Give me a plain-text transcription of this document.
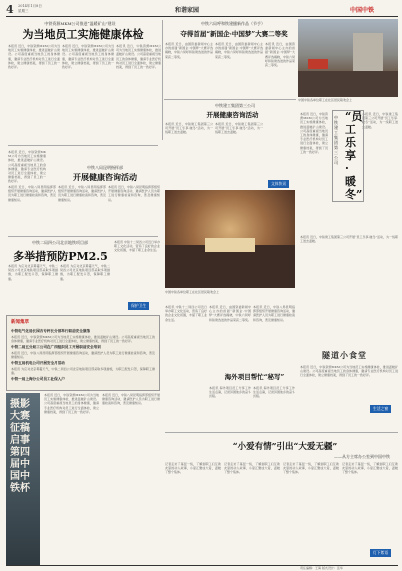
4 2014年1月8日
星期三	和谐家园	中国中铁
中铁资源MKM公司推进“温暖矿山”建设
为当地员工实施健康体检
本报讯 近日，中铁资源MKM公司为当地员工实施健康体检，推进温暖矿山建设。公司高度重视当地员工的身体健康，邀请专业医疗机构对员工进行全面体检，建立健康档案，得到了员工的一致好评。
本报讯 近日，中铁资源MKM公司为当地员工实施健康体检，推进温暖矿山建设。公司高度重视当地员工的身体健康，邀请专业医疗机构对员工进行全面体检，建立健康档案，得到了员工的一致好评。
本报讯 近日，中铁资源MKM公司为当地员工实施健康体检，推进温暖矿山建设。公司高度重视当地员工的身体健康，邀请专业医疗机构对员工进行全面体检，建立健康档案，得到了员工的一致好评。
中铁六局呼和铁建播新作品（节手）
夺得首届“新国企·中国梦”大赛二等奖
本报讯 近日，由国资委新闻中心主办的首届“新国企·中国梦”大赛评选揭晓，中铁六局呼和铁建选送的作品荣获二等奖。
本报讯 近日，由国资委新闻中心主办的首届“新国企·中国梦”大赛评选揭晓，中铁六局呼和铁建选送的作品荣获二等奖。
本报讯 近日，由国资委新闻中心主办的首届“新国企·中国梦”大赛评选揭晓，中铁六局呼和铁建选送的作品荣获二等奖。
中国中铁各单位职工在社区居民联欢会上
中铁建工集团第三公司
开展健康咨询活动
本报讯 近日，中铁建工集团第三公司开展“员工乐享·暖冬”活动，为一线职工送去温暖。
本报讯 近日，中铁建工集团第三公司开展“员工乐享·暖冬”活动，为一线职工送去温暖。
文体快讯
本报讯 近日，中铁资源MKM公司为当地员工实施健康体检，推进温暖矿山建设。公司高度重视当地员工的身体健康，邀请专业医疗机构对员工进行全面体检，建立健康档案，得到了员工的一致好评。
中铁建工集团第三公司
“员工乐享·暖冬”
本报讯 近日，中铁建工集团第三公司开展“员工乐享·暖冬”活动，为一线职工送去温暖。
本报讯 近日，中铁资源MKM公司为当地员工实施健康体检，推进温暖矿山建设。公司高度重视当地员工的身体健康，邀请专业医疗机构对员工进行全面体检，建立健康档案，得到了员工的一致好评。
中铁八局昆明指挥部
开展健康咨询活动
本报讯 近日，中铁八局昆明指挥部组织开展健康咨询活动，邀请医护人员为职工进行健康检查和咨询，普及健康知识。
本报讯 近日，中铁八局昆明指挥部组织开展健康咨询活动，邀请医护人员为职工进行健康检查和咨询，普及健康知识。
本报讯 近日，中铁八局昆明指挥部组织开展健康咨询活动，邀请医护人员为职工进行健康检查和咨询，普及健康知识。
中铁二局四公司北京地铁项目部
多举措预防PM2.5
本报讯 为应对北京雾霾天气，中铁二局四公司北京地铁项目部采取多项措施，为职工配发口罩，保障职工健康。
本报讯 为应对北京雾霾天气，中铁二局四公司北京地铁项目部采取多项措施，为职工配发口罩，保障职工健康。
本报讯 中铁十二局四公司近日举办职工文化活动，营造了良好的企业文化氛围，丰富了职工业余生活。
保护卫生
中国中铁各单位职工在社区居民联欢会上
本报讯 近日，中铁建工集团第三公司开展“员工乐享·暖冬”活动，为一线职工送去温暖。
隧道小食堂
本报讯 近日，中铁资源MKM公司为当地员工实施健康体检，推进温暖矿山建设。公司高度重视当地员工的身体健康，邀请专业医疗机构对员工进行全面体检，建立健康档案，得到了员工的一致好评。
生活之窗
新闻集萃
中铁电气化局长园吉专杯长分部举行职前安全演练
本报讯 近日，中铁资源MKM公司为当地员工实施健康体检，推进温暖矿山建设。公司高度重视当地员工的身体健康，邀请专业医疗机构对员工进行全面体检，建立健康档案，得到了员工的一致好评。
中铁二局五分局三公司在广西组织员工开展职前安全培训
本报讯 近日，中铁八局昆明指挥部组织开展健康咨询活动，邀请医护人员为职工进行健康检查和咨询，普及健康知识。
中铁五局机电公司开展安全月活动
本报讯 为应对北京雾霾天气，中铁二局四公司北京地铁项目部采取多项措施，为职工配发口罩，保障职工健康。
中铁一局上海分公司员工社保入户
本报讯 中铁十二局四公司近日举办职工文化活动，营造了良好的企业文化氛围，丰富了职工业余生活。
本报讯 近日，由国资委新闻中心主办的首届“新国企·中国梦”大赛评选揭晓，中铁六局呼和铁建选送的作品荣获二等奖。
本报讯 近日，中铁八局昆明指挥部组织开展健康咨询活动，邀请医护人员为职工进行健康检查和咨询，普及健康知识。
海外项目帮忙“秘写”
本报讯 海外项目员工分享工作生活点滴，记录异国他乡的奋斗历程。
本报讯 海外项目员工分享工作生活点滴，记录异国他乡的奋斗历程。
摄影大赛征稿启事 第四届中国中铁杯
本报讯 近日，中铁资源MKM公司为当地员工实施健康体检，推进温暖矿山建设。公司高度重视当地员工的身体健康，邀请专业医疗机构对员工进行全面体检，建立健康档案，得到了员工的一致好评。
本报讯 近日，中铁八局昆明指挥部组织开展健康咨询活动，邀请医护人员为职工进行健康检查和咨询，普及健康知识。
“小爱有情”引出“大爱无疆”
——从方主席办公室到中国中铁
记者走访了基层一线，了解到职工们互助友爱的动人故事，小爱汇聚成大爱，温暖了整个集体。
记者走访了基层一线，了解到职工们互助友爱的动人故事，小爱汇聚成大爱，温暖了整个集体。
记者走访了基层一线，了解到职工们互助友爱的动人故事，小爱汇聚成大爱，温暖了整个集体。
记者走访了基层一线，了解到职工们互助友爱的动人故事，小爱汇聚成大爱，温暖了整个集体。
灯下絮语
责任编辑：王海 版式设计：张华
